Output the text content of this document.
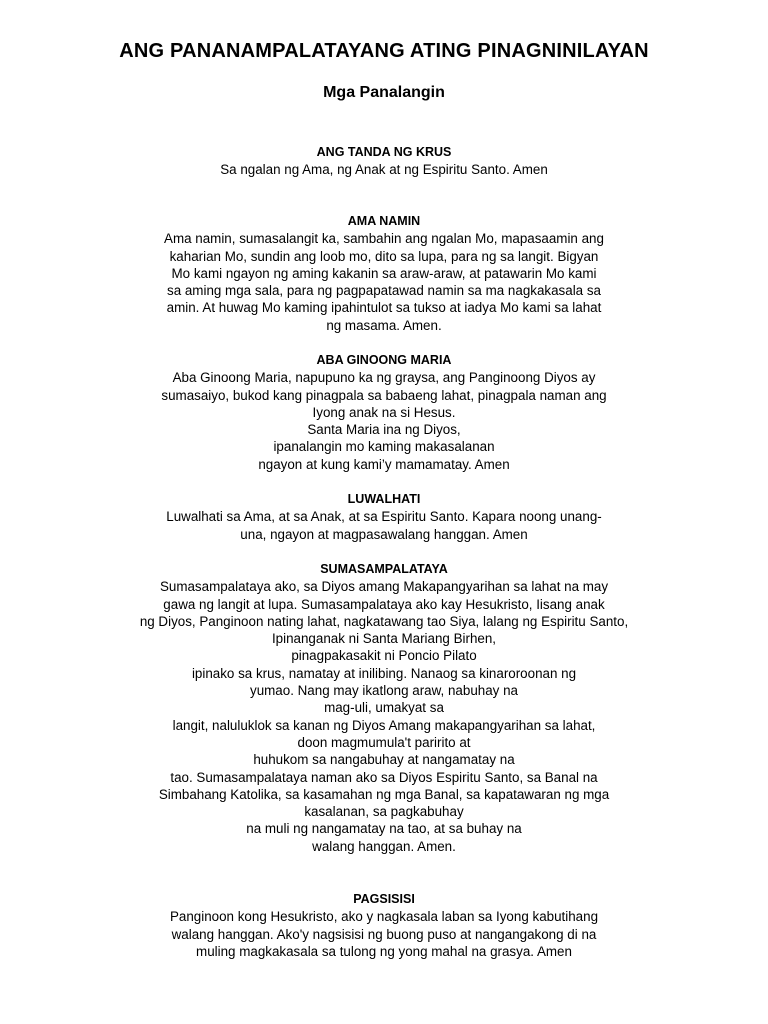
ANG PANANAMPALATAYANG ATING PINAGNINILAYAN
Mga Panalangin

ANG TANDA NG KRUS

Sa ngalan ng Ama, ng Anak at ng Espiritu Santo. Amen

AMA NAMIN

Ama namin, sumasalangit ka, sambahin ang ngalan Mo, mapasaamin ang

kaharian Mo, sundin ang loob mo, dito sa lupa, para ng sa langit. Bigyan

Mo kami ngayon ng aming kakanin sa araw-araw, at patawarin Mo kami

sa aming mga sala, para ng pagpapatawad namin sa ma nagkakasala sa

amin. At huwag Mo kaming ipahintulot sa tukso at iadya Mo kami sa lahat

ng masama. Amen.

ABA GINOONG MARIA

Aba Ginoong Maria, napupuno ka ng graysa, ang Panginoong Diyos ay

sumasaiyo, bukod kang pinagpala sa babaeng lahat, pinagpala naman ang

Iyong anak na si Hesus.

Santa Maria ina ng Diyos,

ipanalangin mo kaming makasalanan

ngayon at kung kami’y mamamatay. Amen

LUWALHATI

Luwalhati sa Ama, at sa Anak, at sa Espiritu Santo. Kapara noong unang-

una, ngayon at magpasawalang hanggan. Amen

SUMASAMPALATAYA

Sumasampalataya ako, sa Diyos amang Makapangyarihan sa lahat na may

gawa ng langit at lupa. Sumasampalataya ako kay Hesukristo, Iisang anak

ng Diyos, Panginoon nating lahat, nagkatawang tao Siya, lalang ng Espiritu Santo,

Ipinanganak ni Santa Mariang Birhen,

pinagpakasakit ni Poncio Pilato

ipinako sa krus, namatay at inilibing. Nanaog sa kinaroroonan ng

yumao. Nang may ikatlong araw, nabuhay na

mag-uli, umakyat sa

langit, naluluklok sa kanan ng Diyos Amang makapangyarihan sa lahat,

doon magmumula't paririto at

huhukom sa nangabuhay at nangamatay na

tao. Sumasampalataya naman ako sa Diyos Espiritu Santo, sa Banal na

Simbahang Katolika, sa kasamahan ng mga Banal, sa kapatawaran ng mga

kasalanan, sa pagkabuhay

na muli ng nangamatay na tao, at sa buhay na

walang hanggan. Amen.

PAGSISISI

Panginoon kong Hesukristo, ako y nagkasala laban sa Iyong kabutihang

walang hanggan. Ako'y nagsisisi ng buong puso at nangangakong di na

muling magkakasala sa tulong ng yong mahal na grasya. Amen
